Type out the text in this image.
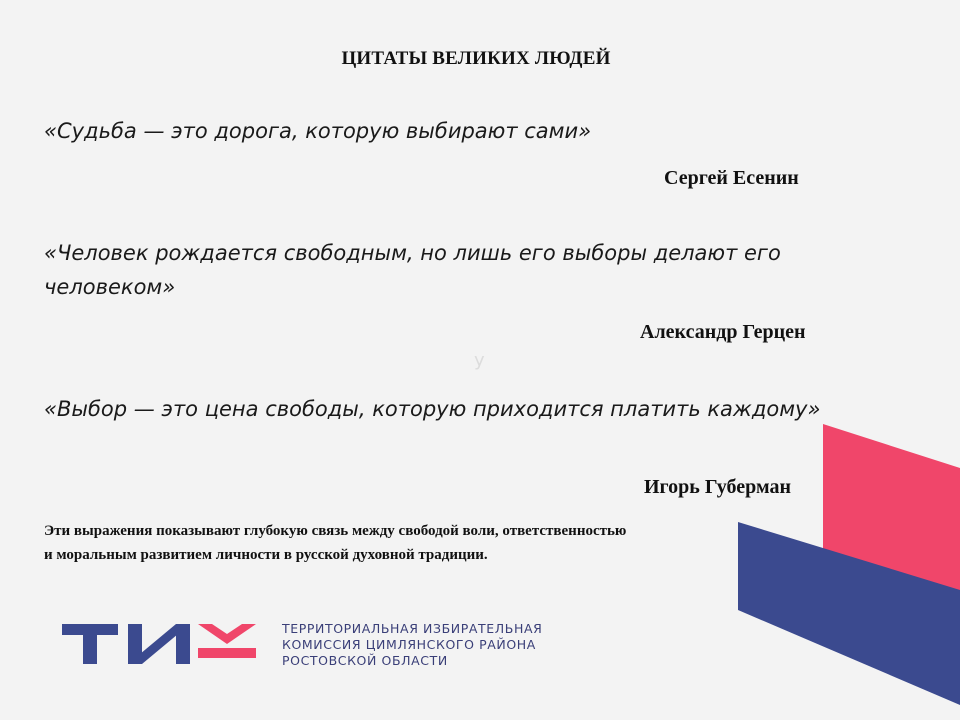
ЦИТАТЫ ВЕЛИКИХ ЛЮДЕЙ
«Судьба — это дорога, которую выбирают сами»
Сергей Есенин
«Человек рождается свободным, но лишь его выборы делают его человеком»
Александр Герцен
у
«Выбор — это цена свободы, которую приходится платить каждому»
Игорь Губерман
Эти выражения показывают глубокую связь между свободой воли, ответственностью
и моральным развитием личности в русской духовной традиции.
ТЕРРИТОРИАЛЬНАЯ ИЗБИРАТЕЛЬНАЯ
КОМИССИЯ ЦИМЛЯНСКОГО РАЙОНА
РОСТОВСКОЙ ОБЛАСТИ
